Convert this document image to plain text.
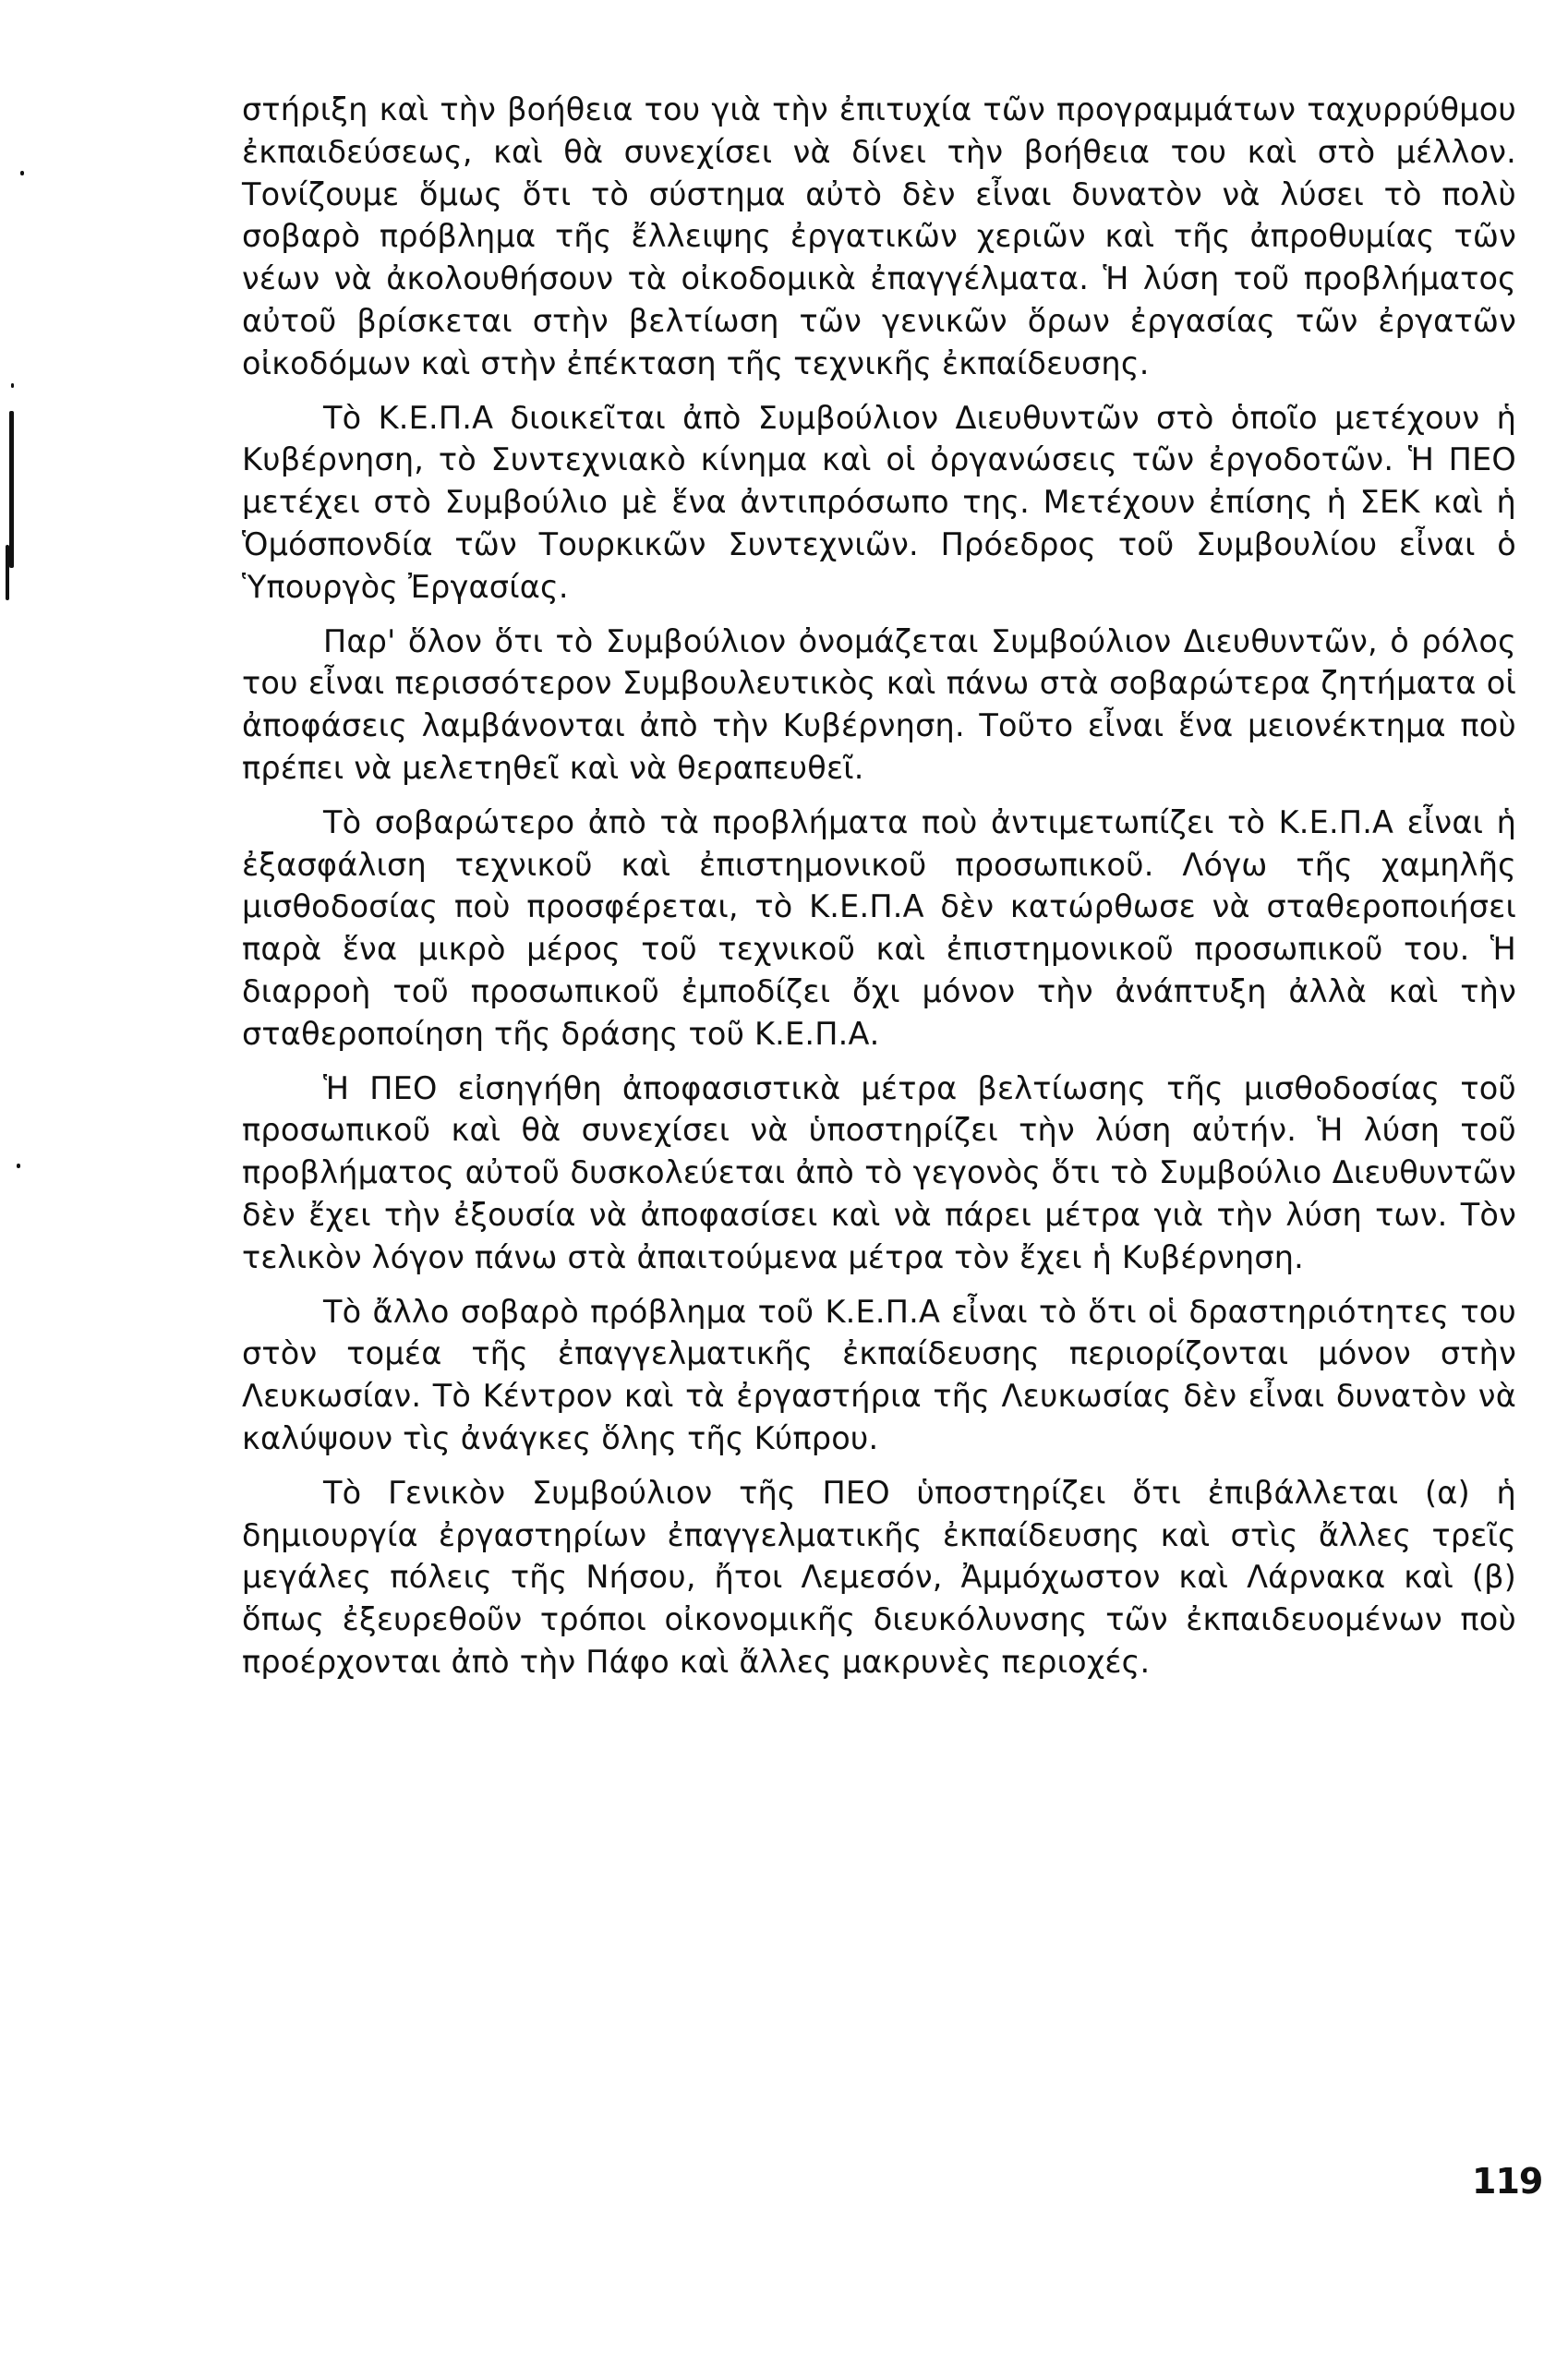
στήριξη καὶ τὴν βοήθεια του γιὰ τὴν ἐπιτυχία τῶν προγραμμάτων ταχυρρύθμου ἐκπαιδεύσεως, καὶ θὰ συνεχίσει νὰ δίνει τὴν βοήθεια του καὶ στὸ μέλλον. Τονίζουμε ὅμως ὅτι τὸ σύστημα αὐτὸ δὲν εἶναι δυνατὸν νὰ λύσει τὸ πολὺ σοβαρὸ πρόβλημα τῆς ἔλλειψης ἐργατικῶν χεριῶν καὶ τῆς ἀπροθυμίας τῶν νέων νὰ ἀκολουθήσουν τὰ οἰκοδομικὰ ἐπαγγέλματα. Ἡ λύση τοῦ προβλήματος αὐτοῦ βρίσκεται στὴν βελτίωση τῶν γενικῶν ὅρων ἐργασίας τῶν ἐργατῶν οἰκοδόμων καὶ στὴν ἐπέκταση τῆς τεχνικῆς ἐκπαίδευσης.

Τὸ Κ.Ε.Π.Α διοικεῖται ἀπὸ Συμβούλιον Διευθυντῶν στὸ ὁποῖο μετέχουν ἡ Κυβέρνηση, τὸ Συντεχνιακὸ κίνημα καὶ οἱ ὀργανώσεις τῶν ἐργοδοτῶν. Ἡ ΠΕΟ μετέχει στὸ Συμβούλιο μὲ ἕνα ἀντιπρόσωπο της. Μετέχουν ἐπίσης ἡ ΣΕΚ καὶ ἡ Ὁμόσπονδία τῶν Τουρκικῶν Συντεχνιῶν. Πρόεδρος τοῦ Συμβουλίου εἶναι ὁ Ὑπουργὸς Ἐργασίας.

Παρ' ὅλον ὅτι τὸ Συμβούλιον ὀνομάζεται Συμβούλιον Διευθυντῶν, ὁ ρόλος του εἶναι περισσότερον Συμβουλευτικὸς καὶ πάνω στὰ σοβαρώτερα ζητήματα οἱ ἀποφάσεις λαμβάνονται ἀπὸ τὴν Κυβέρνηση. Τοῦτο εἶναι ἕνα μειονέκτημα ποὺ πρέπει νὰ μελετηθεῖ καὶ νὰ θεραπευθεῖ.

Τὸ σοβαρώτερο ἀπὸ τὰ προβλήματα ποὺ ἀντιμετωπίζει τὸ Κ.Ε.Π.Α εἶναι ἡ ἐξασφάλιση τεχνικοῦ καὶ ἐπιστημονικοῦ προσωπικοῦ. Λόγω τῆς χαμηλῆς μισθοδοσίας ποὺ προσφέρεται, τὸ Κ.Ε.Π.Α δὲν κατώρθωσε νὰ σταθεροποιήσει παρὰ ἕνα μικρὸ μέρος τοῦ τεχνικοῦ καὶ ἐπιστημονικοῦ προσωπικοῦ του. Ἡ διαρροὴ τοῦ προσωπικοῦ ἐμποδίζει ὄχι μόνον τὴν ἀνάπτυξη ἀλλὰ καὶ τὴν σταθεροποίηση τῆς δράσης τοῦ Κ.Ε.Π.Α.

Ἡ ΠΕΟ εἰσηγήθη ἀποφασιστικὰ μέτρα βελτίωσης τῆς μισθοδοσίας τοῦ προσωπικοῦ καὶ θὰ συνεχίσει νὰ ὑποστηρίζει τὴν λύση αὐτήν. Ἡ λύση τοῦ προβλήματος αὐτοῦ δυσκολεύεται ἀπὸ τὸ γεγονὸς ὅτι τὸ Συμβούλιο Διευθυντῶν δὲν ἔχει τὴν ἐξουσία νὰ ἀποφασίσει καὶ νὰ πάρει μέτρα γιὰ τὴν λύση των. Τὸν τελικὸν λόγον πάνω στὰ ἀπαιτούμενα μέτρα τὸν ἔχει ἡ Κυβέρνηση.

Τὸ ἄλλο σοβαρὸ πρόβλημα τοῦ Κ.Ε.Π.Α εἶναι τὸ ὅτι οἱ δραστηριότητες του στὸν τομέα τῆς ἐπαγγελματικῆς ἐκπαίδευσης περιορίζονται μόνον στὴν Λευκωσίαν. Τὸ Κέντρον καὶ τὰ ἐργαστήρια τῆς Λευκωσίας δὲν εἶναι δυνατὸν νὰ καλύψουν τὶς ἀνάγκες ὅλης τῆς Κύπρου.

Τὸ Γενικὸν Συμβούλιον τῆς ΠΕΟ ὑποστηρίζει ὅτι ἐπιβάλλεται (α) ἡ δημιουργία ἐργαστηρίων ἐπαγγελματικῆς ἐκπαίδευσης καὶ στὶς ἄλλες τρεῖς μεγάλες πόλεις τῆς Νήσου, ἤτοι Λεμεσόν, Ἀμμόχωστον καὶ Λάρνακα καὶ (β) ὅπως ἐξευρεθοῦν τρόποι οἰκονομικῆς διευκόλυνσης τῶν ἐκπαιδευομένων ποὺ προέρχονται ἀπὸ τὴν Πάφο καὶ ἄλλες μακρυνὲς περιοχές.

119
